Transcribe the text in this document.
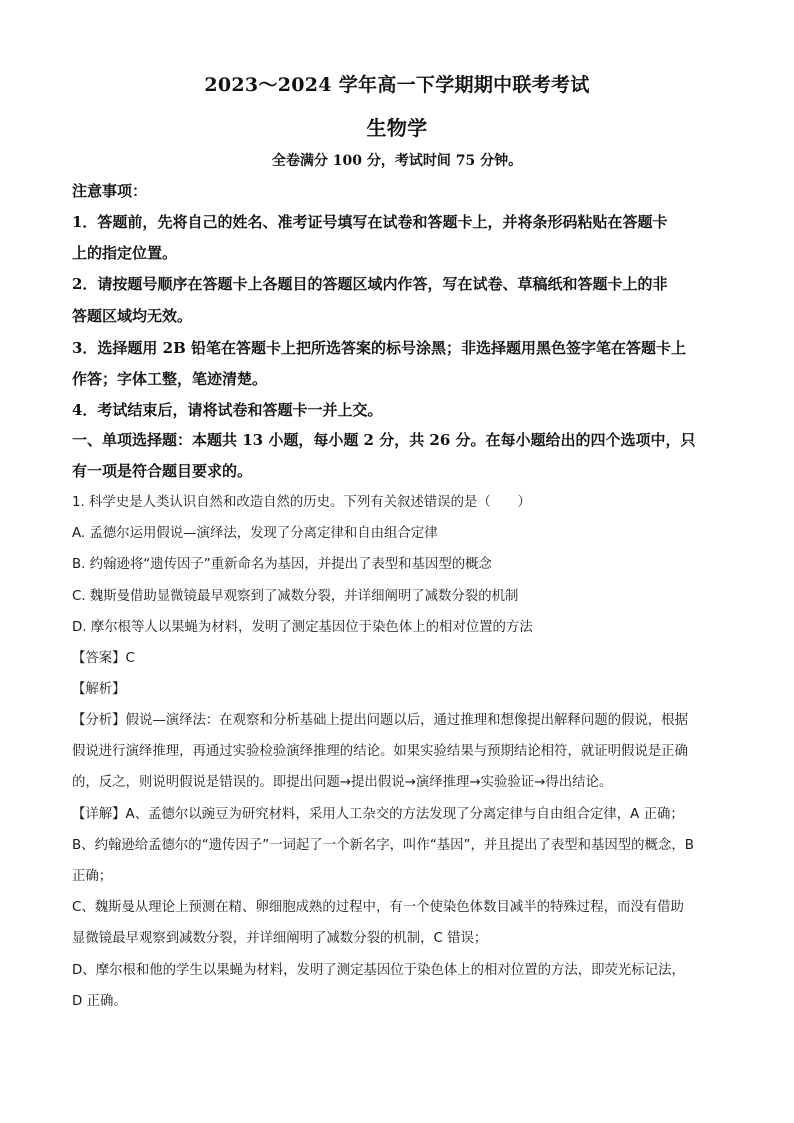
2023～2024 学年高一下学期期中联考考试
生物学
全卷满分 100 分，考试时间 75 分钟。
注意事项：
1．答题前，先将自己的姓名、准考证号填写在试卷和答题卡上，并将条形码粘贴在答题卡
上的指定位置。
2．请按题号顺序在答题卡上各题目的答题区域内作答，写在试卷、草稿纸和答题卡上的非
答题区域均无效。
3．选择题用 2B 铅笔在答题卡上把所选答案的标号涂黑；非选择题用黑色签字笔在答题卡上
作答；字体工整，笔迹清楚。
4．考试结束后，请将试卷和答题卡一并上交。
一、单项选择题：本题共 13 小题，每小题 2 分，共 26 分。在每小题给出的四个选项中，只
有一项是符合题目要求的。
1. 科学史是人类认识自然和改造自然的历史。下列有关叙述错误的是（　　）
A. 孟德尔运用假说—演绎法，发现了分离定律和自由组合定律
B. 约翰逊将“遗传因子”重新命名为基因，并提出了表型和基因型的概念
C. 魏斯曼借助显微镜最早观察到了减数分裂，并详细阐明了减数分裂的机制
D. 摩尔根等人以果蝇为材料，发明了测定基因位于染色体上的相对位置的方法
【答案】C
【解析】
【分析】假说—演绎法：在观察和分析基础上提出问题以后，通过推理和想像提出解释问题的假说，根据
假说进行演绎推理，再通过实验检验演绎推理的结论。如果实验结果与预期结论相符，就证明假说是正确
的，反之，则说明假说是错误的。即提出问题→提出假说→演绎推理→实验验证→得出结论。
【详解】A、孟德尔以豌豆为研究材料，采用人工杂交的方法发现了分离定律与自由组合定律，A 正确；
B、约翰逊给孟德尔的“遗传因子”一词起了一个新名字，叫作“基因”，并且提出了表型和基因型的概念，B
正确；
C、魏斯曼从理论上预测在精、卵细胞成熟的过程中，有一个使染色体数目减半的特殊过程，而没有借助
显微镜最早观察到减数分裂，并详细阐明了减数分裂的机制，C 错误；
D、摩尔根和他的学生以果蝇为材料，发明了测定基因位于染色体上的相对位置的方法，即荧光标记法，
D 正确。
